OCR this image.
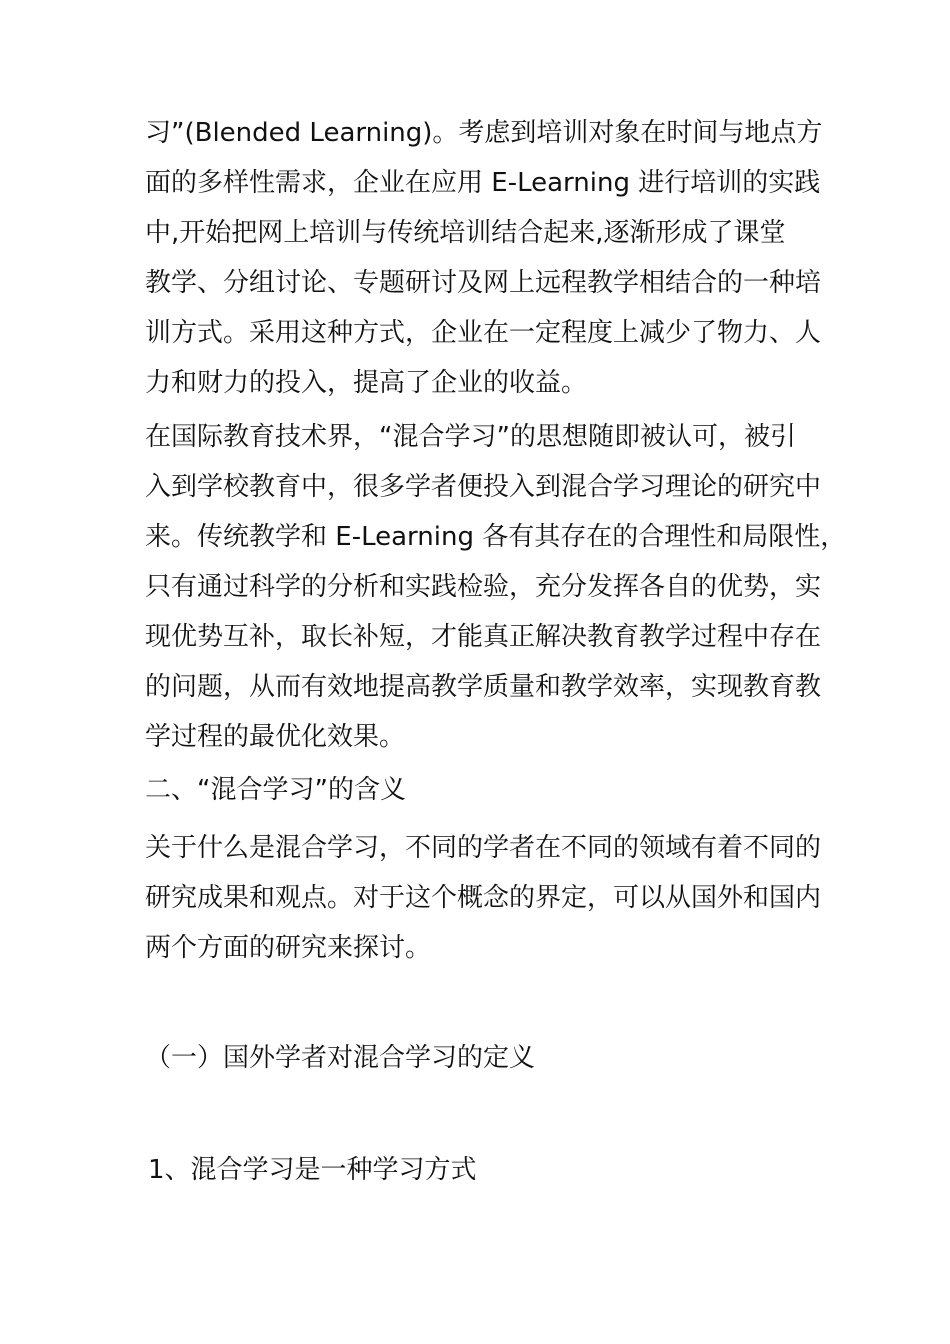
习”(Blended Learning)。考虑到培训对象在时间与地点方
面的多样性需求，企业在应用 E-Learning 进行培训的实践
中,开始把网上培训与传统培训结合起来,逐渐形成了课堂
教学、分组讨论、专题研讨及网上远程教学相结合的一种培
训方式。采用这种方式，企业在一定程度上减少了物力、人
力和财力的投入，提高了企业的收益。
在国际教育技术界，“混合学习”的思想随即被认可，被引
入到学校教育中，很多学者便投入到混合学习理论的研究中
来。传统教学和 E-Learning 各有其存在的合理性和局限性，
只有通过科学的分析和实践检验，充分发挥各自的优势，实
现优势互补，取长补短，才能真正解决教育教学过程中存在
的问题，从而有效地提高教学质量和教学效率，实现教育教
学过程的最优化效果。
二、“混合学习”的含义
关于什么是混合学习，不同的学者在不同的领域有着不同的
研究成果和观点。对于这个概念的界定，可以从国外和国内
两个方面的研究来探讨。
（一）国外学者对混合学习的定义
1、混合学习是一种学习方式
